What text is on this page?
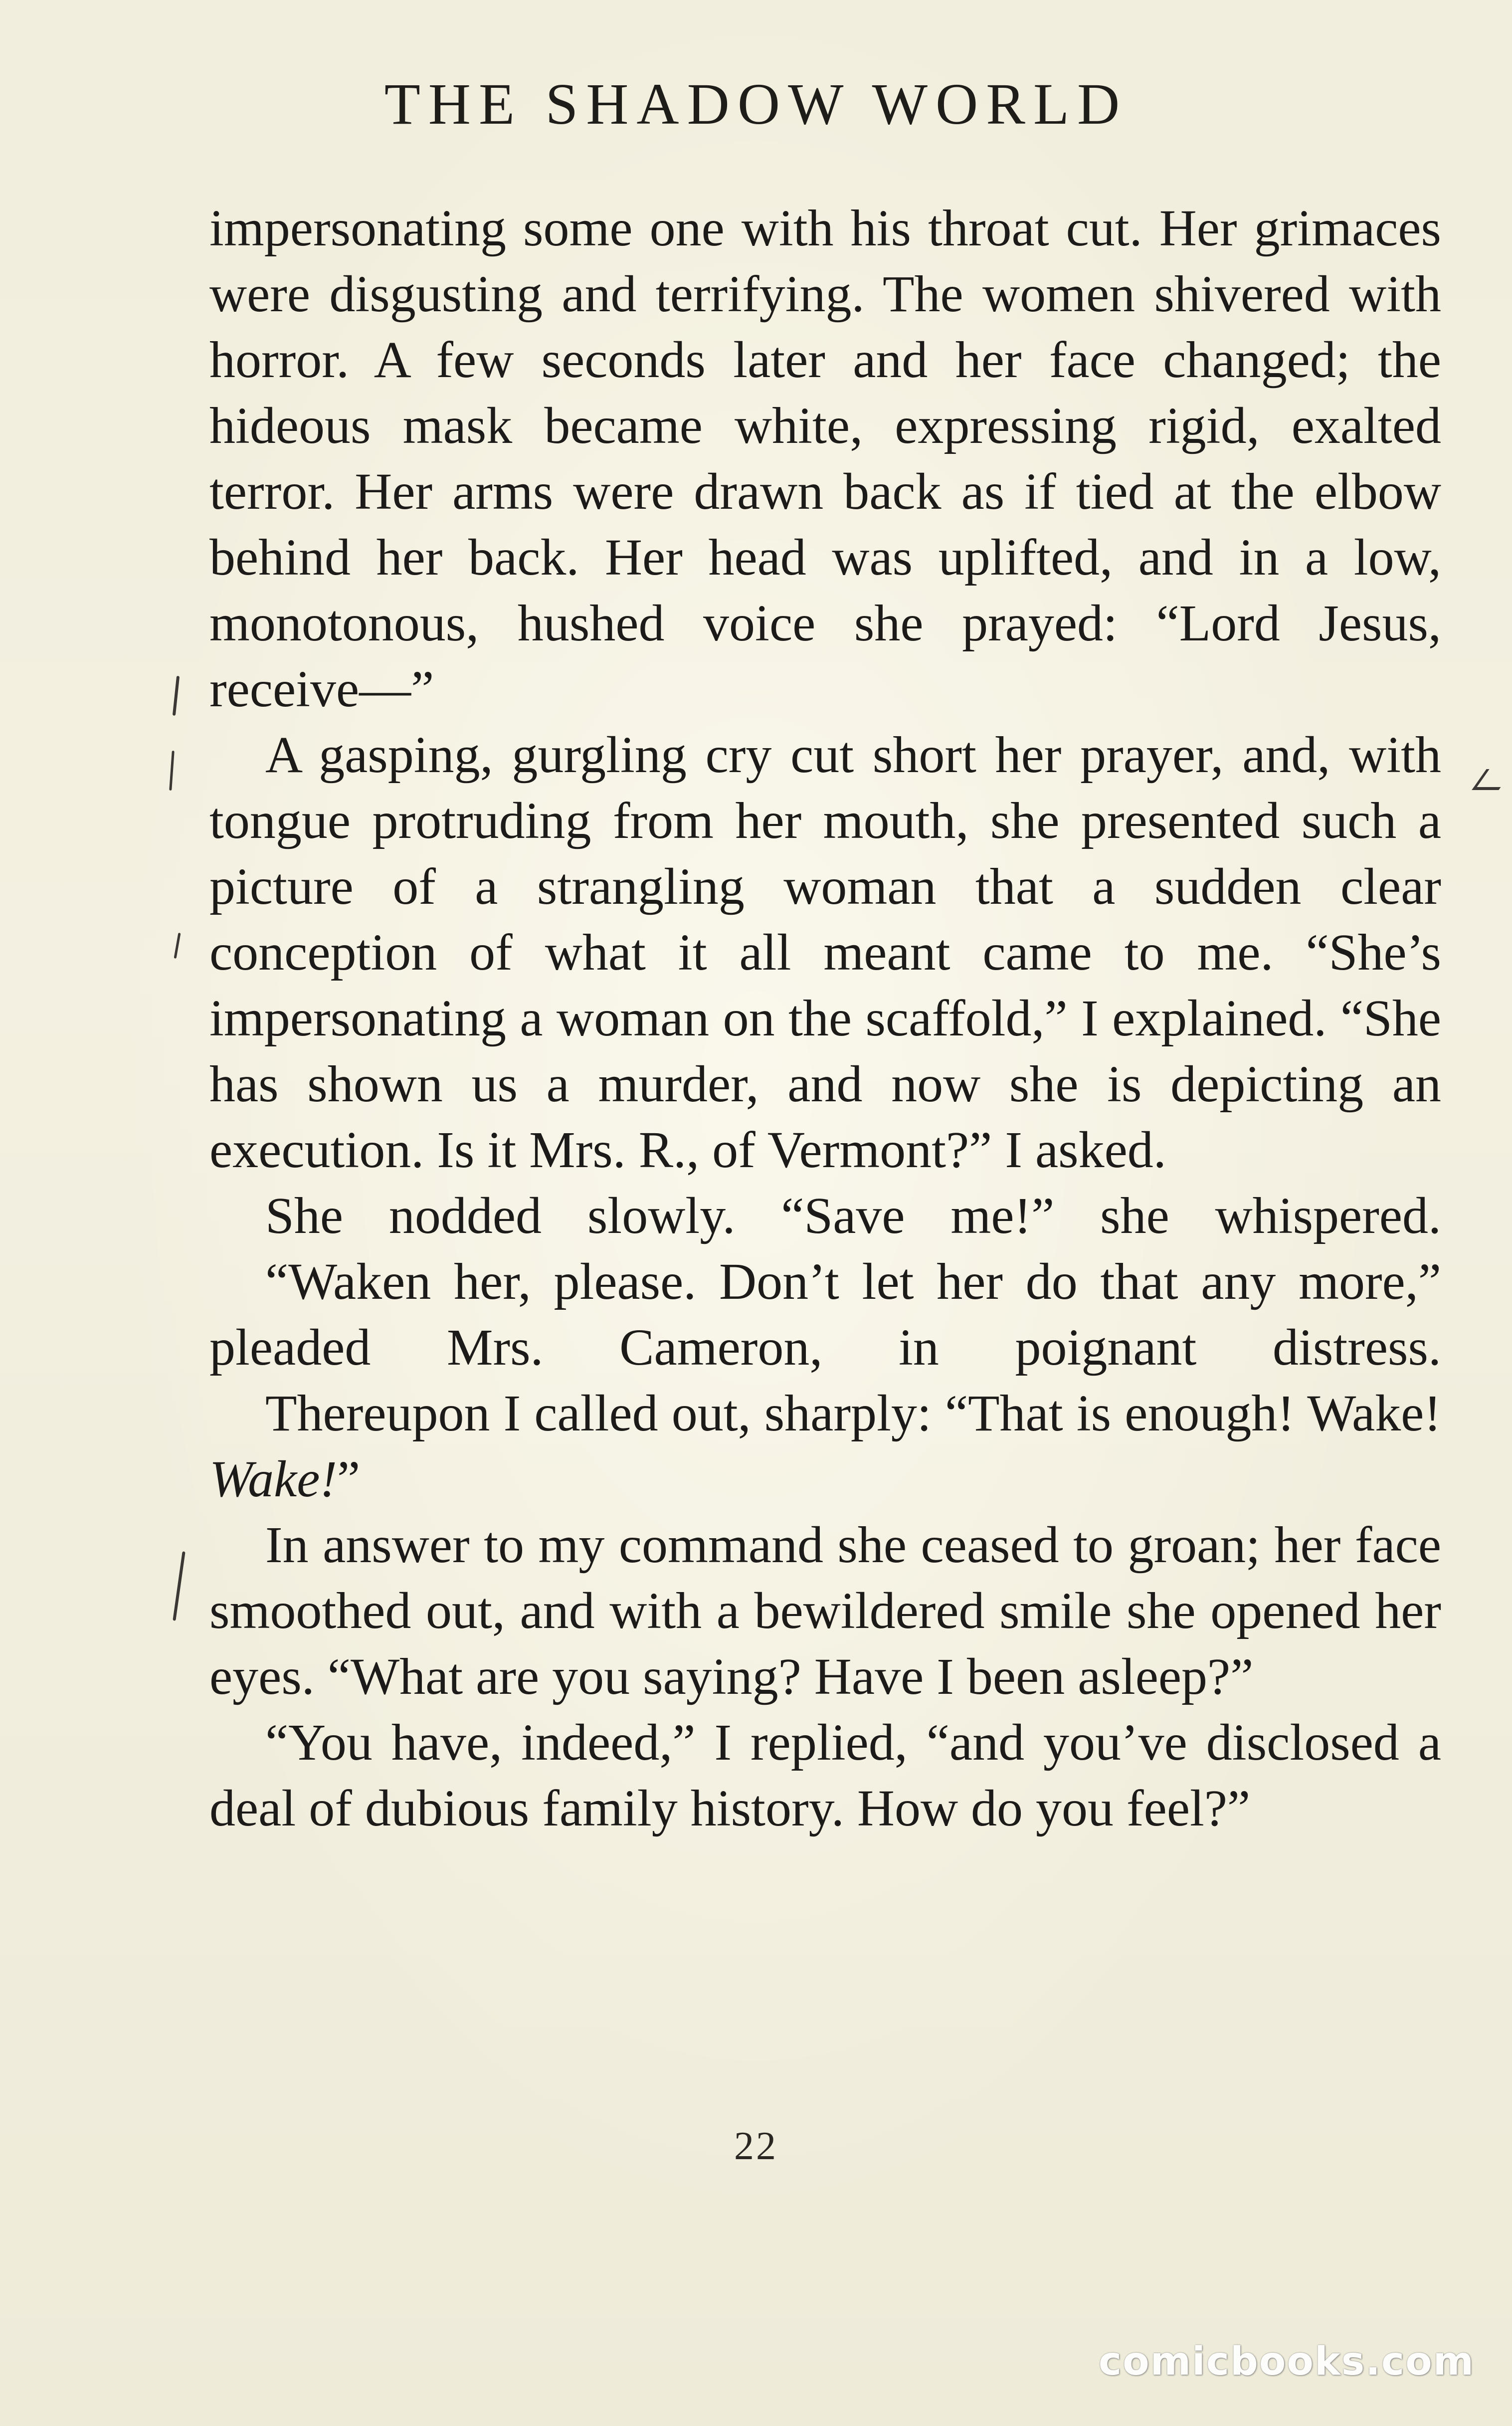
THE SHADOW WORLD

impersonating some one with his throat cut. Her grimaces were disgusting and terrifying. The women shivered with horror. A few seconds later and her face changed; the hideous mask became white, expressing rigid, exalted terror. Her arms were drawn back as if tied at the elbow behind her back. Her head was uplifted, and in a low, monotonous, hushed voice she prayed: “Lord Jesus, receive—”

A gasping, gurgling cry cut short her prayer, and, with tongue protruding from her mouth, she presented such a picture of a strangling woman that a sudden clear conception of what it all meant came to me. “She’s impersonating a woman on the scaffold,” I explained. “She has shown us a murder, and now she is depicting an execution. Is it Mrs. R., of Vermont?” I asked.

She nodded slowly. “Save me!” she whispered.

“Waken her, please. Don’t let her do that any more,” pleaded Mrs. Cameron, in poignant distress.

Thereupon I called out, sharply: “That is enough! Wake! Wake!”

In answer to my command she ceased to groan; her face smoothed out, and with a bewildered smile she opened her eyes. “What are you saying? Have I been asleep?”

“You have, indeed,” I replied, “and you’ve disclosed a deal of dubious family history. How do you feel?”

22
comicbooks.com
